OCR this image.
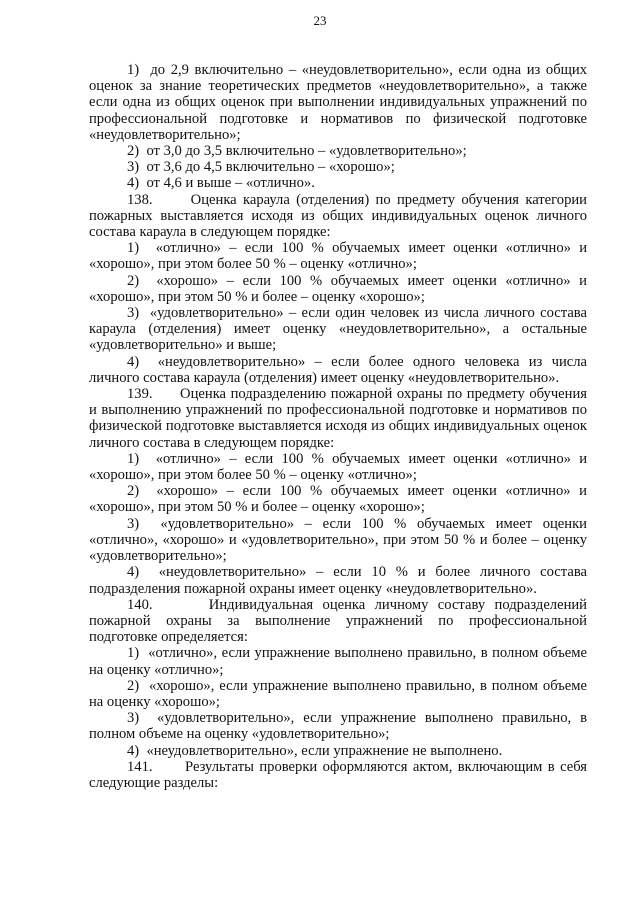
23

1)  до 2,9 включительно – «неудовлетворительно», если одна из общих оценок за знание теоретических предметов «неудовлетворительно», а также если одна из общих оценок при выполнении индивидуальных упражнений по профессиональной подготовке и нормативов по физической подготовке «неудовлетворительно»;

2)  от 3,0 до 3,5 включительно – «удовлетворительно»;

3)  от 3,6 до 4,5 включительно – «хорошо»;

4)  от 4,6 и выше – «отлично».

138.      Оценка караула (отделения) по предмету обучения категории пожарных выставляется исходя из общих индивидуальных оценок личного состава караула в следующем порядке:

1)  «отлично» – если 100 % обучаемых имеет оценки «отлично» и «хорошо», при этом более 50 % – оценку «отлично»;

2)  «хорошо» – если 100 % обучаемых имеет оценки «отлично» и «хорошо», при этом 50 % и более – оценку «хорошо»;

3)  «удовлетворительно» – если один человек из числа личного состава караула (отделения) имеет оценку «неудовлетворительно», а остальные «удовлетворительно» и выше;

4)  «неудовлетворительно» – если более одного человека из числа личного состава караула (отделения) имеет оценку «неудовлетворительно».

139.      Оценка подразделению пожарной охраны по предмету обучения и выполнению упражнений по профессиональной подготовке и нормативов по физической подготовке выставляется исходя из общих индивидуальных оценок личного состава в следующем порядке:

1)  «отлично» – если 100 % обучаемых имеет оценки «отлично» и «хорошо», при этом более 50 % – оценку «отлично»;

2)  «хорошо» – если 100 % обучаемых имеет оценки «отлично» и «хорошо», при этом 50 % и более – оценку «хорошо»;

3)  «удовлетворительно» – если 100 % обучаемых имеет оценки «отлично», «хорошо» и «удовлетворительно», при этом 50 % и более – оценку «удовлетворительно»;

4)  «неудовлетворительно» – если 10 % и более личного состава подразделения пожарной охраны имеет оценку «неудовлетворительно».

140.      Индивидуальная оценка личному составу подразделений пожарной охраны за выполнение упражнений по профессиональной подготовке определяется:

1)  «отлично», если упражнение выполнено правильно, в полном объеме на оценку «отлично»;

2)  «хорошо», если упражнение выполнено правильно, в полном объеме на оценку «хорошо»;

3)  «удовлетворительно», если упражнение выполнено правильно, в полном объеме на оценку «удовлетворительно»;

4)  «неудовлетворительно», если упражнение не выполнено.

141.      Результаты проверки оформляются актом, включающим в себя следующие разделы:
